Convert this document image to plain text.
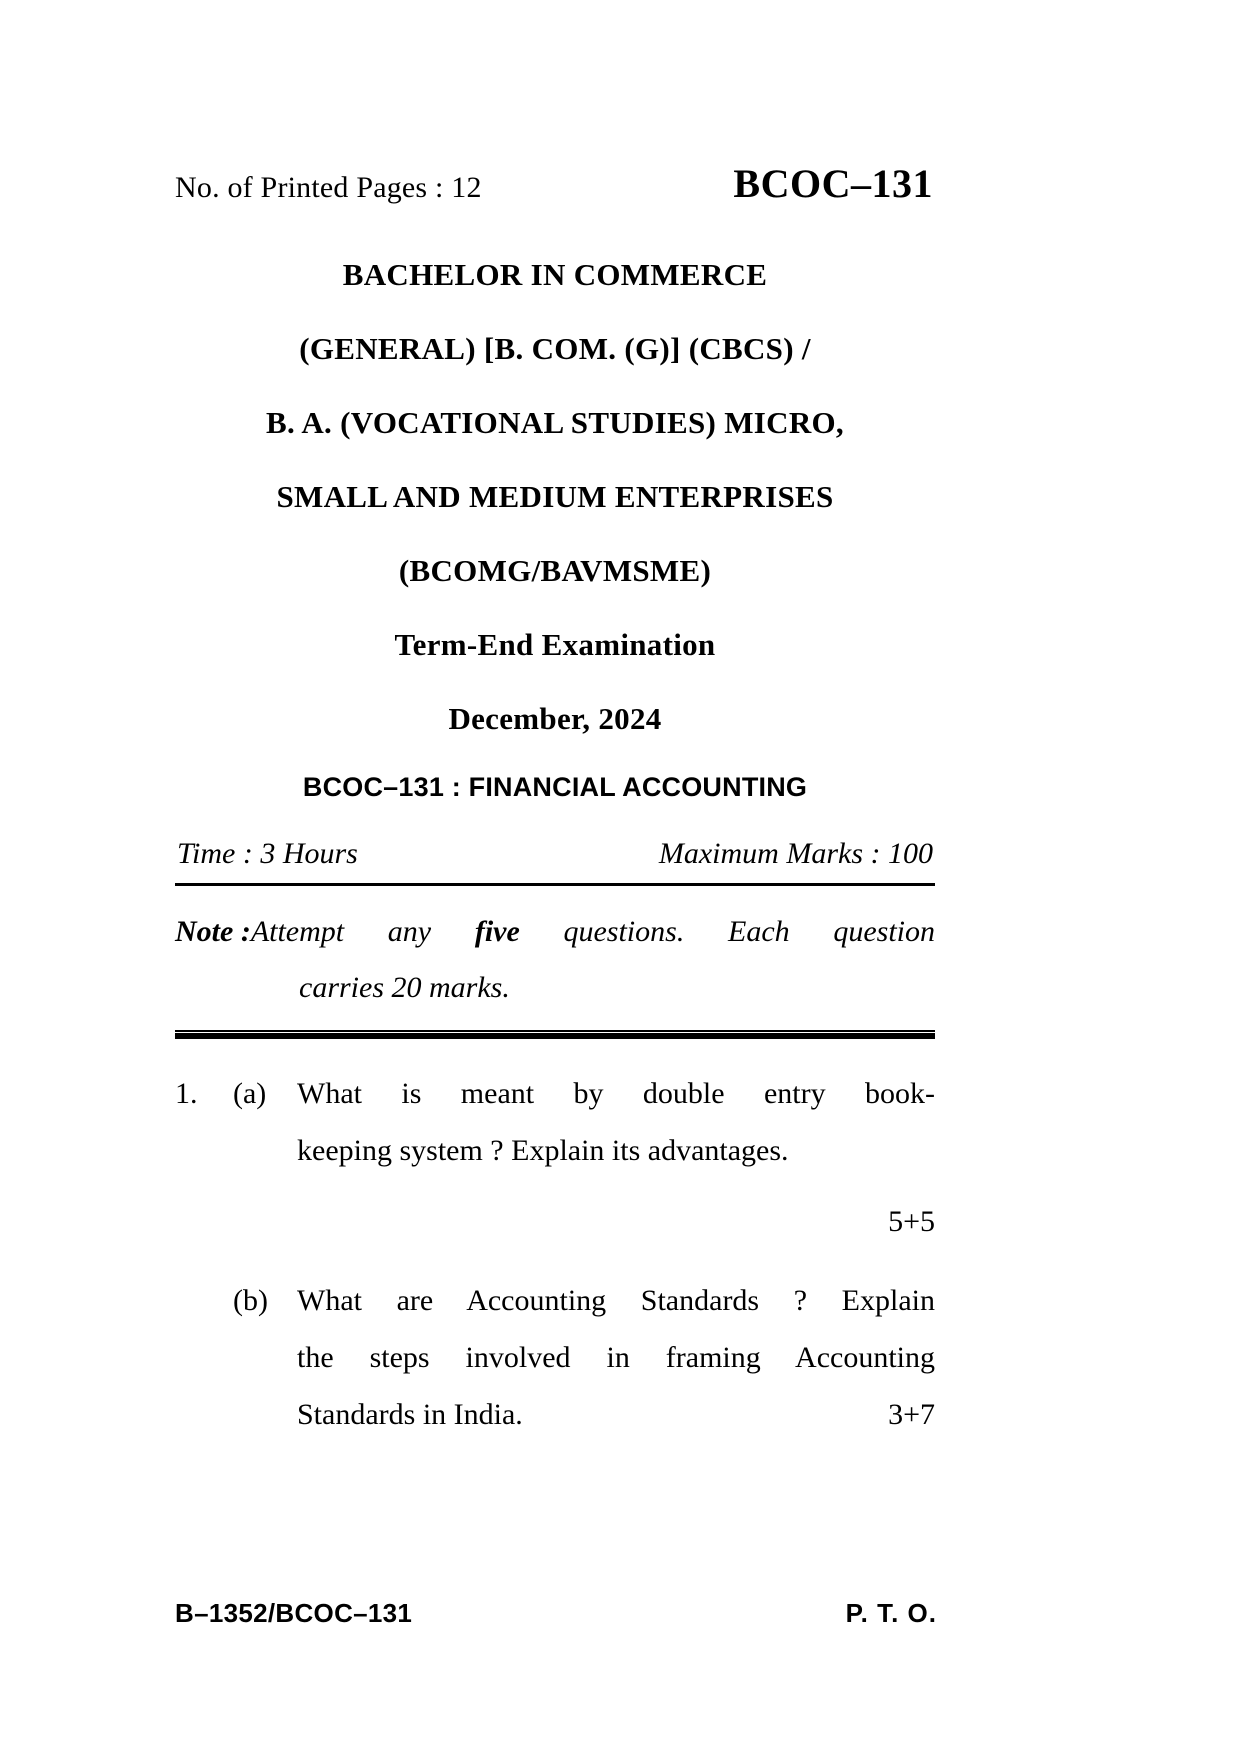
No. of Printed Pages : 12	BCOC–131
BACHELOR IN COMMERCE
(GENERAL) [B. COM. (G)] (CBCS) /
B. A. (VOCATIONAL STUDIES) MICRO,
SMALL AND MEDIUM ENTERPRISES
(BCOMG/BAVMSME)
Term-End Examination
December, 2024
BCOC–131 : FINANCIAL ACCOUNTING
Time : 3 Hours	Maximum Marks : 100
Note : Attempt any five questions. Each question
carries 20 marks.
1.	(a)	What is meant by double entry book-
keeping system ? Explain its advantages.
5+5
(b) What are Accounting Standards ? Explain
the steps involved in framing Accounting
Standards in India.	3+7
B–1352/BCOC–131	P. T. O.
